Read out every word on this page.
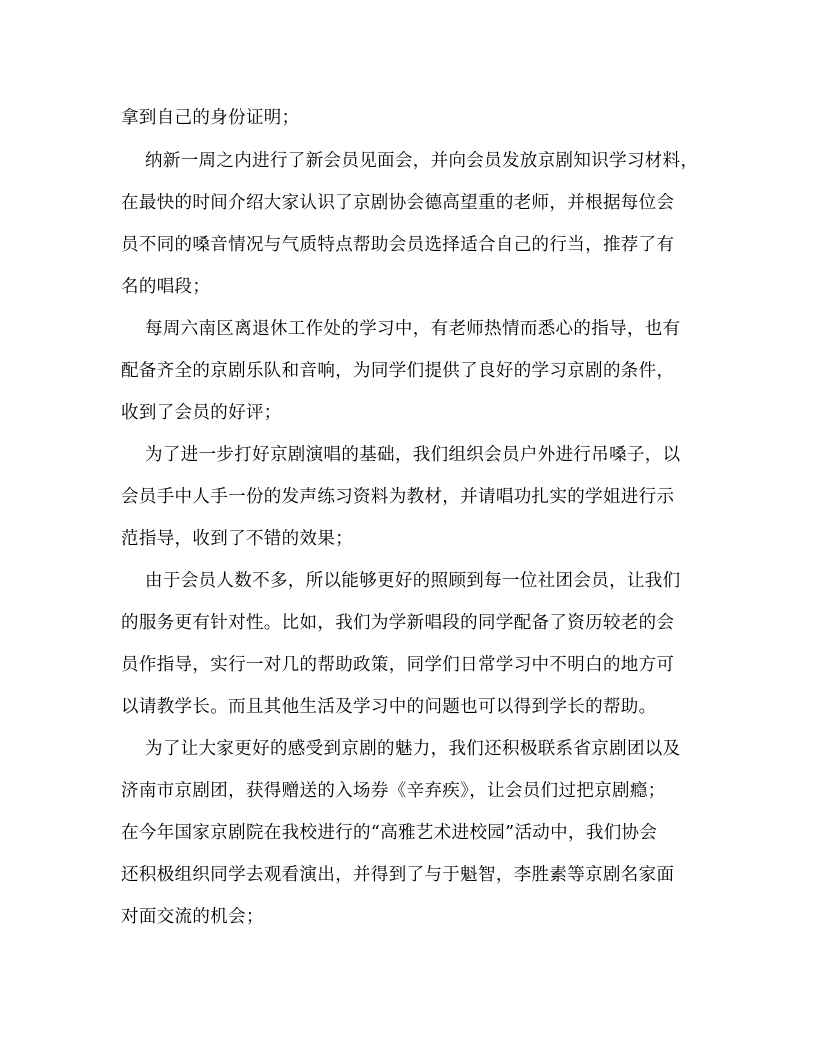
拿到自己的身份证明；
纳新一周之内进行了新会员见面会，并向会员发放京剧知识学习材料，
在最快的时间介绍大家认识了京剧协会德高望重的老师，并根据每位会
员不同的嗓音情况与气质特点帮助会员选择适合自己的行当，推荐了有
名的唱段；
每周六南区离退休工作处的学习中，有老师热情而悉心的指导，也有
配备齐全的京剧乐队和音响，为同学们提供了良好的学习京剧的条件，
收到了会员的好评；
为了进一步打好京剧演唱的基础，我们组织会员户外进行吊嗓子，以
会员手中人手一份的发声练习资料为教材，并请唱功扎实的学姐进行示
范指导，收到了不错的效果；
由于会员人数不多，所以能够更好的照顾到每一位社团会员，让我们
的服务更有针对性。比如，我们为学新唱段的同学配备了资历较老的会
员作指导，实行一对几的帮助政策，同学们日常学习中不明白的地方可
以请教学长。而且其他生活及学习中的问题也可以得到学长的帮助。
为了让大家更好的感受到京剧的魅力，我们还积极联系省京剧团以及
济南市京剧团，获得赠送的入场券《辛弃疾》，让会员们过把京剧瘾；
在今年国家京剧院在我校进行的“高雅艺术进校园”活动中，我们协会
还积极组织同学去观看演出，并得到了与于魁智，李胜素等京剧名家面
对面交流的机会；
